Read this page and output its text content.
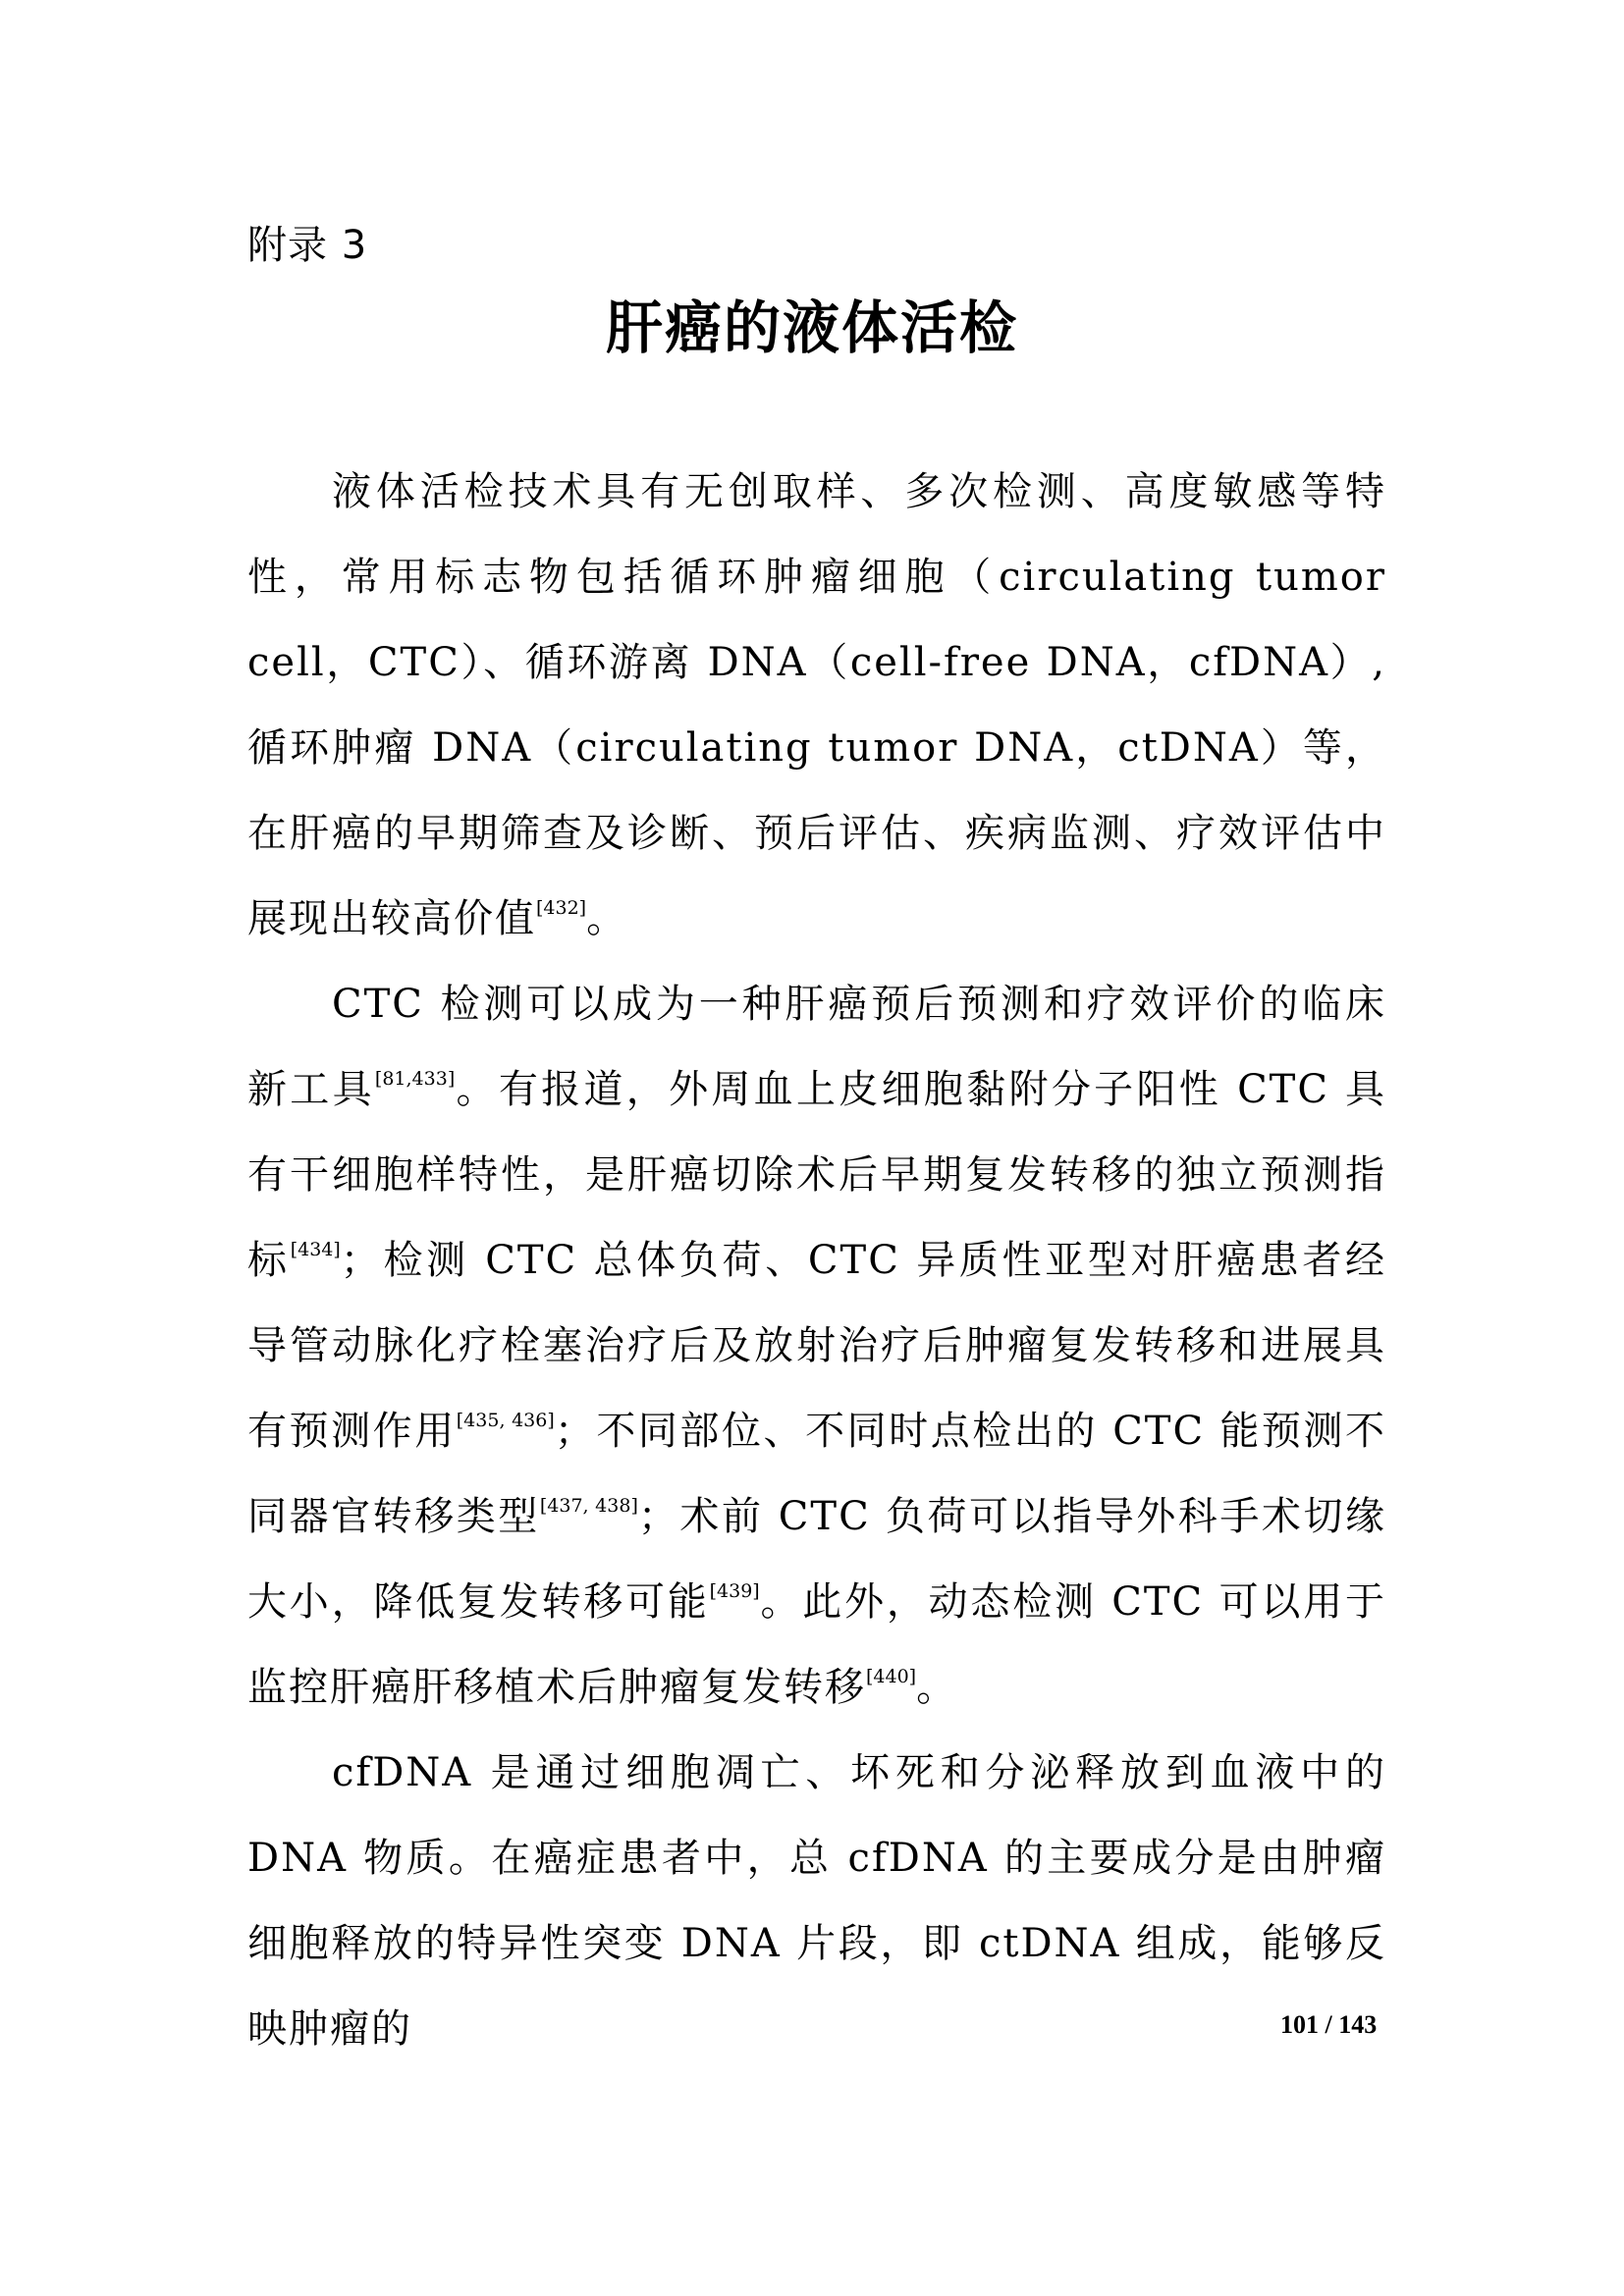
附录 3
肝癌的液体活检

液体活检技术具有无创取样、多次检测、高度敏感等特性，常用标志物包括循环肿瘤细胞（circulating tumor cell，CTC）、循环游离 DNA（cell-free DNA，cfDNA）,循环肿瘤 DNA（circulating tumor DNA，ctDNA）等，在肝癌的早期筛查及诊断、预后评估、疾病监测、疗效评估中展现出较高价值[432]。

CTC 检测可以成为一种肝癌预后预测和疗效评价的临床新工具[81,433]。有报道，外周血上皮细胞黏附分子阳性 CTC 具有干细胞样特性，是肝癌切除术后早期复发转移的独立预测指标[434]；检测 CTC 总体负荷、CTC 异质性亚型对肝癌患者经导管动脉化疗栓塞治疗后及放射治疗后肿瘤复发转移和进展具有预测作用[435, 436]；不同部位、不同时点检出的 CTC 能预测不同器官转移类型[437, 438]；术前 CTC 负荷可以指导外科手术切缘大小，降低复发转移可能[439]。此外，动态检测 CTC 可以用于监控肝癌肝移植术后肿瘤复发转移[440]。

cfDNA 是通过细胞凋亡、坏死和分泌释放到血液中的 DNA 物质。在癌症患者中，总 cfDNA 的主要成分是由肿瘤细胞释放的特异性突变 DNA 片段，即 ctDNA 组成，能够反映肿瘤的	101 / 143
